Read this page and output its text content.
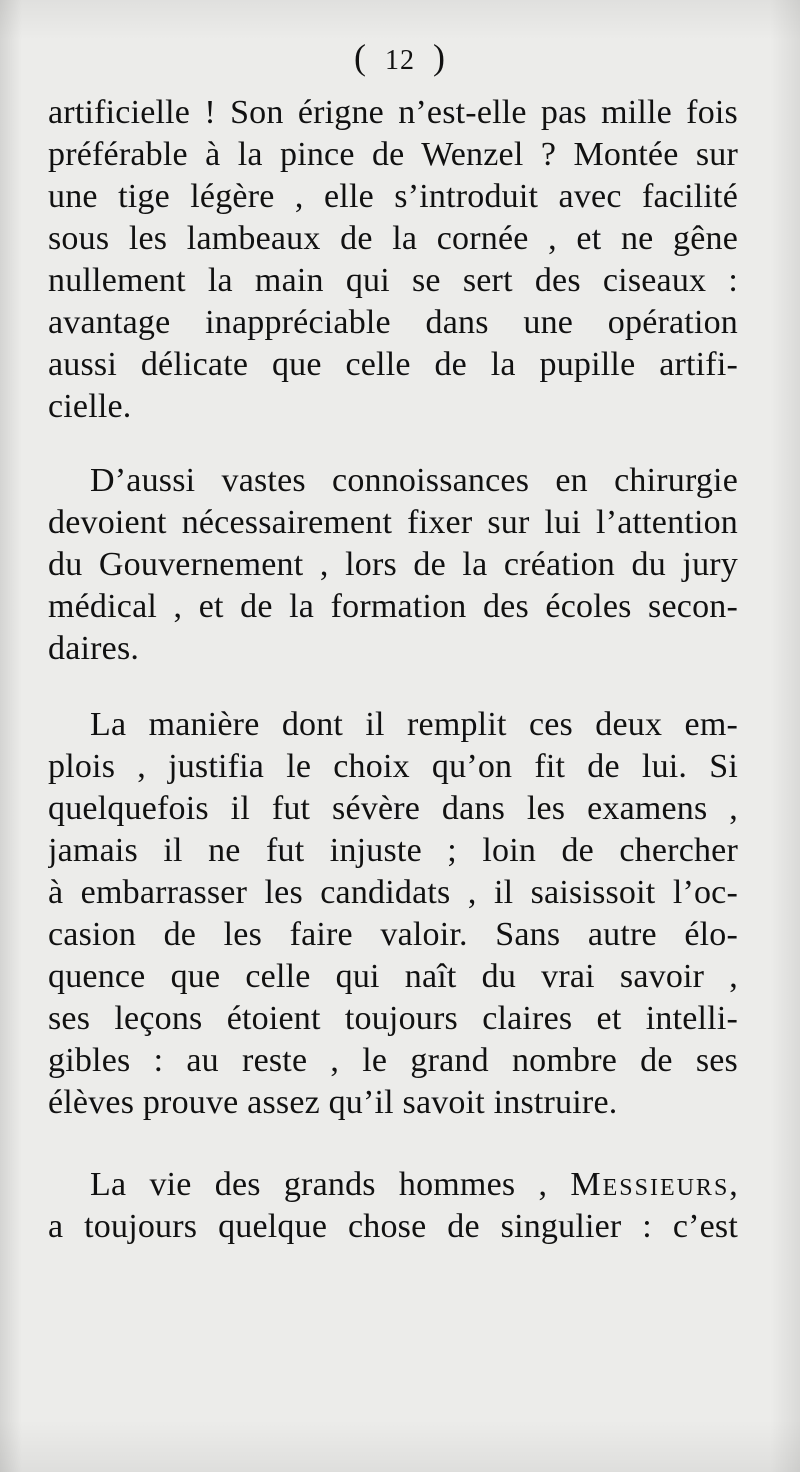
( 12 )
artificielle ! Son érigne n’est-elle pas mille fois
préférable à la pince de Wenzel ? Montée sur
une tige légère , elle s’introduit avec facilité
sous les lambeaux de la cornée , et ne gêne
nullement la main qui se sert des ciseaux :
avantage inappréciable dans une opération
aussi délicate que celle de la pupille artifi-
cielle.
D’aussi vastes connoissances en chirurgie
devoient nécessairement fixer sur lui l’attention
du Gouvernement , lors de la création du jury
médical , et de la formation des écoles secon-
daires.
La manière dont il remplit ces deux em-
plois , justifia le choix qu’on fit de lui. Si
quelquefois il fut sévère dans les examens ,
jamais il ne fut injuste ; loin de chercher
à embarrasser les candidats , il saisissoit l’oc-
casion de les faire valoir. Sans autre élo-
quence que celle qui naît du vrai savoir ,
ses leçons étoient toujours claires et intelli-
gibles : au reste , le grand nombre de ses
élèves prouve assez qu’il savoit instruire.
La vie des grands hommes , Messieurs,
a toujours quelque chose de singulier : c’est
